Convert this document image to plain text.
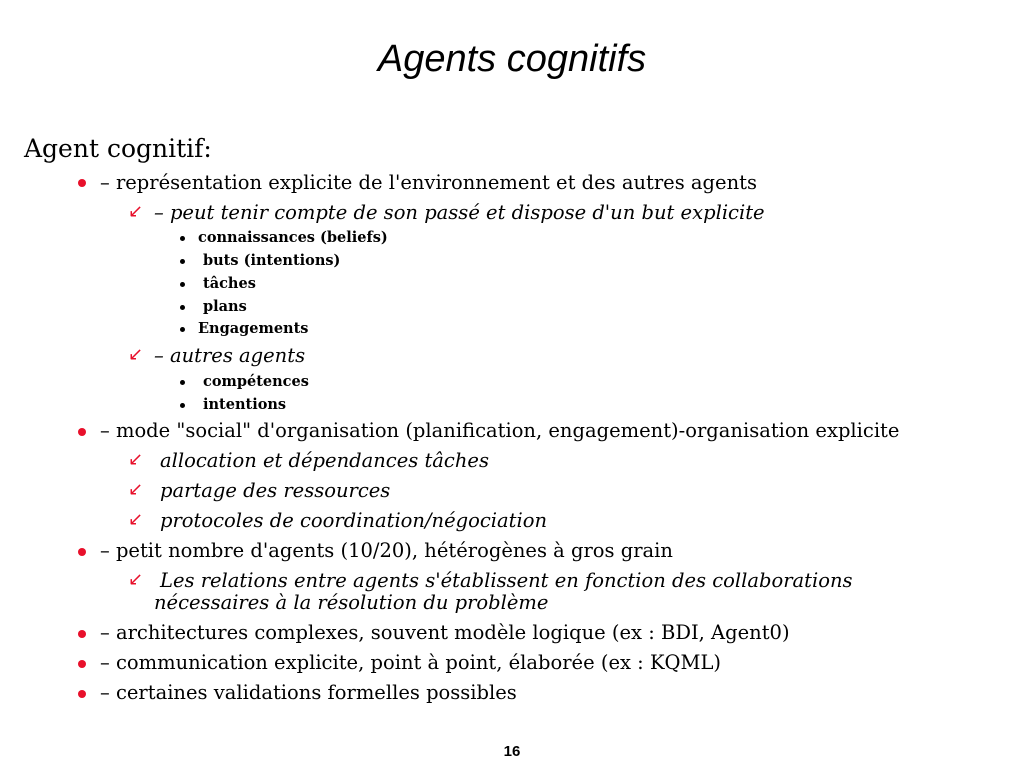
Agents cognitifs
Agent cognitif:
– représentation explicite de l'environnement et des autres agents
↙ – peut tenir compte de son passé et dispose d'un but explicite
connaissances (beliefs)
buts (intentions)
tâches
plans
Engagements
↙ – autres agents
compétences
intentions
– mode "social" d'organisation (planification, engagement)-organisation explicite
↙ allocation et dépendances tâches
↙ partage des ressources
↙ protocoles de coordination/négociation
– petit nombre d'agents (10/20), hétérogènes à gros grain
↙ Les relations entre agents s'établissent en fonction des collaborations
nécessaires à la résolution du problème
– architectures complexes, souvent modèle logique (ex : BDI, Agent0)
– communication explicite, point à point, élaborée (ex : KQML)
– certaines validations formelles possibles
16
